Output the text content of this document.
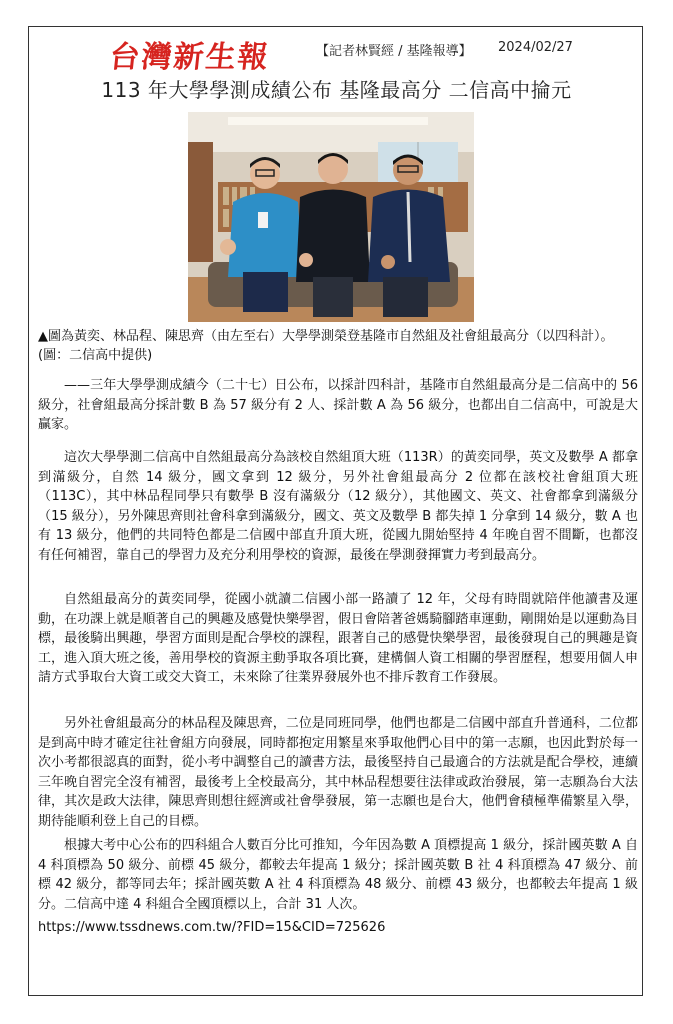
台灣新生報	【記者林賢經 / 基隆報導】 2024/02/27
113 年大學學測成績公布 基隆最高分 二信高中掄元
▲圖為黃奕、林品程、陳思齊（由左至右）大學學測榮登基隆市自然組及社會組最高分（以四科計）。(圖：二信高中提供)
——三年大學學測成績今（二十七）日公布，以採計四科計，基隆市自然組最高分是二信高中的 56 級分，社會組最高分採計數 B 為 57 級分有 2 人、採計數 A 為 56 級分，也都出自二信高中，可說是大贏家。
這次大學學測二信高中自然組最高分為該校自然組頂大班（113R）的黃奕同學，英文及數學 A 都拿到滿級分，自然 14 級分，國文拿到 12 級分，另外社會組最高分 2 位都在該校社會組頂大班（113C），其中林品程同學只有數學 B 沒有滿級分（12 級分），其他國文、英文、社會都拿到滿級分（15 級分），另外陳思齊則社會科拿到滿級分，國文、英文及數學 B 都失掉 1 分拿到 14 級分，數 A 也有 13 級分，他們的共同特色都是二信國中部直升頂大班，從國九開始堅持 4 年晚自習不間斷，也都沒有任何補習，靠自己的學習力及充分利用學校的資源，最後在學測發揮實力考到最高分。
自然組最高分的黃奕同學，從國小就讀二信國小部一路讀了 12 年，父母有時間就陪伴他讀書及運動，在功課上就是順著自己的興趣及感覺快樂學習，假日會陪著爸媽騎腳踏車運動，剛開始是以運動為目標，最後騎出興趣，學習方面則是配合學校的課程，跟著自己的感覺快樂學習，最後發現自己的興趣是資工，進入頂大班之後，善用學校的資源主動爭取各項比賽，建構個人資工相關的學習歷程，想要用個人申請方式爭取台大資工或交大資工，未來除了往業界發展外也不排斥教育工作發展。
另外社會組最高分的林品程及陳思齊，二位是同班同學，他們也都是二信國中部直升普通科，二位都是到高中時才確定往社會組方向發展，同時都抱定用繁星來爭取他們心目中的第一志願，也因此對於每一次小考都很認真的面對，從小考中調整自己的讀書方法，最後堅持自己最適合的方法就是配合學校，連續三年晚自習完全沒有補習，最後考上全校最高分，其中林品程想要往法律或政治發展，第一志願為台大法律，其次是政大法律，陳思齊則想往經濟或社會學發展，第一志願也是台大，他們會積極準備繁星入學，期待能順利登上自己的目標。
根據大考中心公布的四科組合人數百分比可推知，今年因為數 A 頂標提高 1 級分，採計國英數 A 自 4 科頂標為 50 級分、前標 45 級分，都較去年提高 1 級分；採計國英數 B 社 4 科頂標為 47 級分、前標 42 級分，都等同去年；採計國英數 A 社 4 科頂標為 48 級分、前標 43 級分，也都較去年提高 1 級分。二信高中達 4 科組合全國頂標以上，合計 31 人次。
https://www.tssdnews.com.tw/?FID=15&CID=725626
